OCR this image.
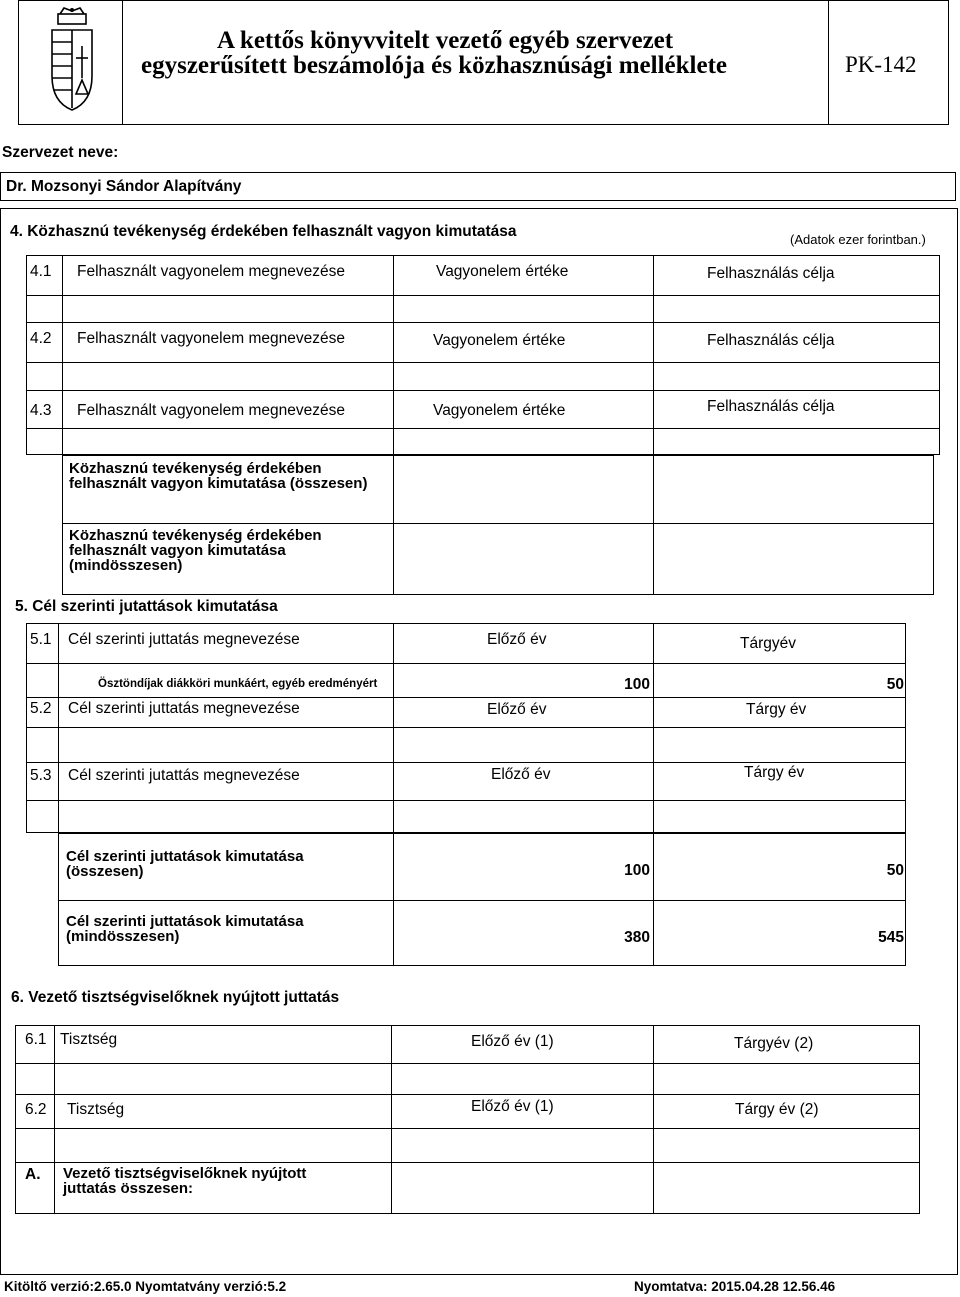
A kettős könyvvitelt vezető egyéb szervezet
egyszerűsített beszámolója és közhasznúsági melléklete	PK-142
Szervezet neve:
Dr. Mozsonyi Sándor Alapítvány
4. Közhasznú tevékenység érdekében felhasznált vagyon kimutatása	(Adatok ezer forintban.)
4.1 Felhasznált vagyonelem megnevezése	Vagyonelem értéke	Felhasználás célja
4.2 Felhasznált vagyonelem megnevezése	Vagyonelem értéke	Felhasználás célja
4.3 Felhasznált vagyonelem megnevezése	Vagyonelem értéke	Felhasználás célja
Közhasznú tevékenység érdekében felhasznált vagyon kimutatása (összesen)
Közhasznú tevékenység érdekében felhasznált vagyon kimutatása (mindösszesen)
5. Cél szerinti jutattások kimutatása
5.1 Cél szerinti juttatás megnevezése	Előző év	Tárgyév
Ösztöndíjak diákköri munkáért, egyéb eredményért	100	50
5.2 Cél szerinti juttatás megnevezése	Előző év	Tárgy év
5.3 Cél szerinti jutattás megnevezése	Előző év	Tárgy év
Cél szerinti juttatások kimutatása (összesen)	100	50
Cél szerinti juttatások kimutatása (mindösszesen)	380	545
6. Vezető tisztségviselőknek nyújtott juttatás
6.1 Tisztség	Előző év (1)	Tárgyév (2)
6.2 Tisztség	Előző év (1)	Tárgy év (2)
A. Vezető tisztségviselőknek nyújtott juttatás összesen:
Kitöltő verzió:2.65.0 Nyomtatvány verzió:5.2	Nyomtatva: 2015.04.28 12.56.46
